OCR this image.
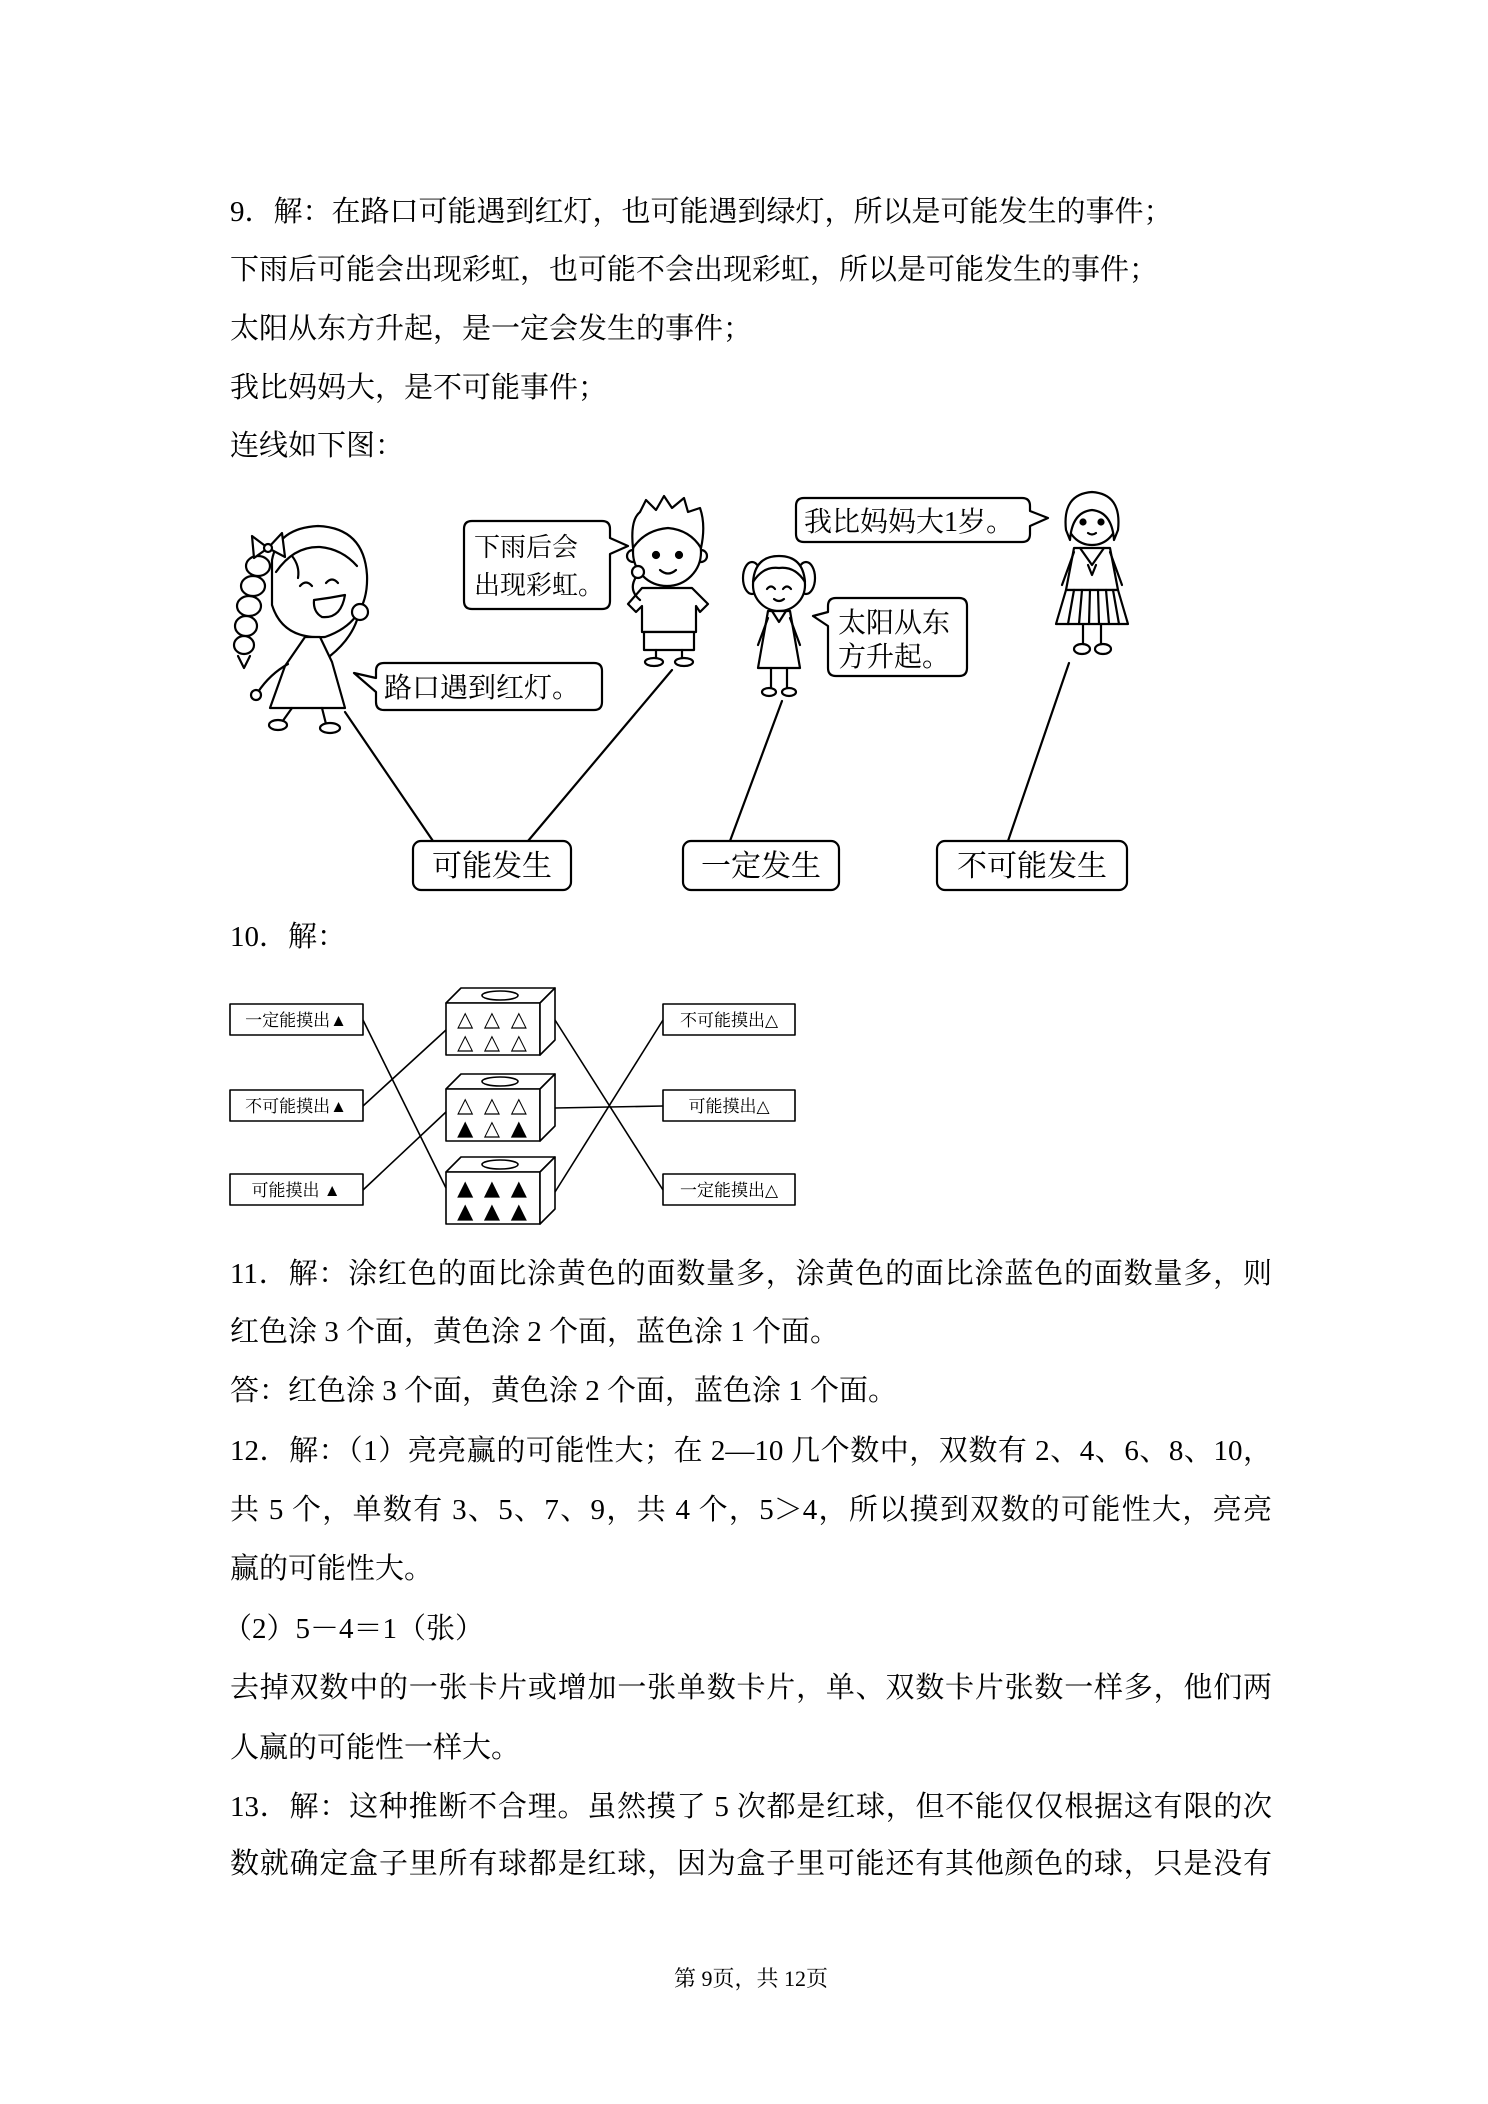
我比妈妈大1岁。
下雨后会
出现彩虹。
太阳从东
方升起。
路口遇到红灯。
可能发生	一定发生	不可能发生
一定能摸出▲
不可能摸出▲
可能摸出 ▲
不可能摸出△
可能摸出△
一定能摸出△
△ △ △
△ △ △
△ △ △
▲ △ ▲
▲ ▲ ▲
▲ ▲ ▲
9．解：在路口可能遇到红灯，也可能遇到绿灯，所以是可能发生的事件；
下雨后可能会出现彩虹，也可能不会出现彩虹，所以是可能发生的事件；
太阳从东方升起，是一定会发生的事件；
我比妈妈大，是不可能事件；
连线如下图：
10．解：
11．解：涂红色的面比涂黄色的面数量多，涂黄色的面比涂蓝色的面数量多，则
红色涂 3 个面，黄色涂 2 个面，蓝色涂 1 个面。
答：红色涂 3 个面，黄色涂 2 个面，蓝色涂 1 个面。
12．解：（1）亮亮赢的可能性大；在 2—10 几个数中，双数有 2、4、6、8、10，
共 5 个，单数有 3、5、7、9，共 4 个，5＞4，所以摸到双数的可能性大，亮亮
赢的可能性大。
（2）5－4＝1（张）
去掉双数中的一张卡片或增加一张单数卡片，单、双数卡片张数一样多，他们两
人赢的可能性一样大。
13．解：这种推断不合理。虽然摸了 5 次都是红球，但不能仅仅根据这有限的次
数就确定盒子里所有球都是红球，因为盒子里可能还有其他颜色的球，只是没有
第 9页，共 12页
